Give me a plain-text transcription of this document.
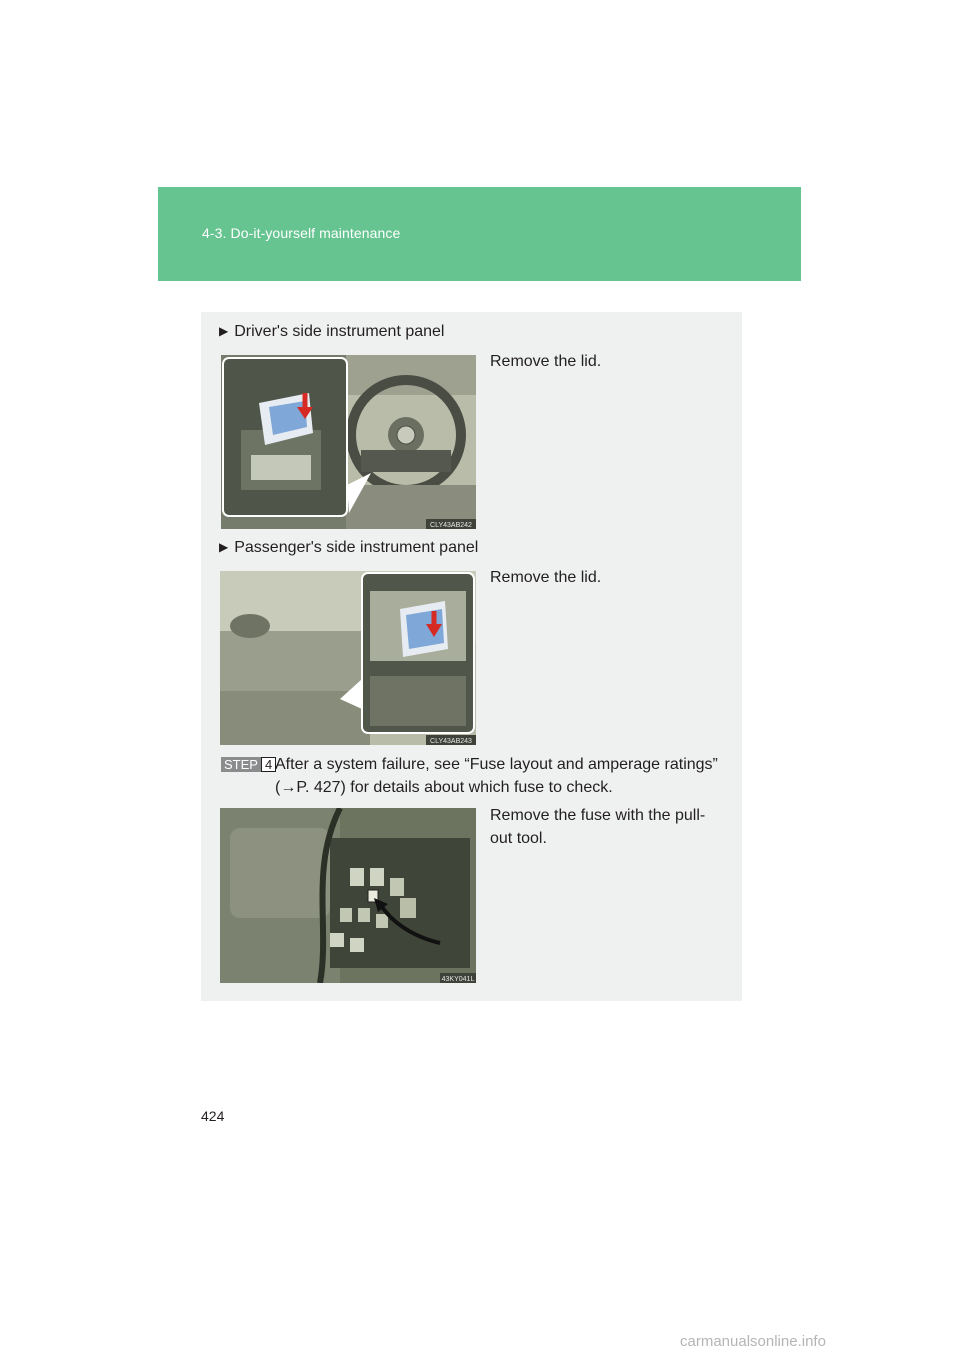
4-3. Do-it-yourself maintenance
▶ Driver's side instrument panel
Remove the lid.
CLY43AB242
▶ Passenger's side instrument panel
Remove the lid.
CLY43AB243
STEP 4 After a system failure, see “Fuse layout and amperage ratings”
(→P. 427) for details about which fuse to check.
Remove the fuse with the pull-
out tool.
43KY041L
424
carmanualsonline.info
